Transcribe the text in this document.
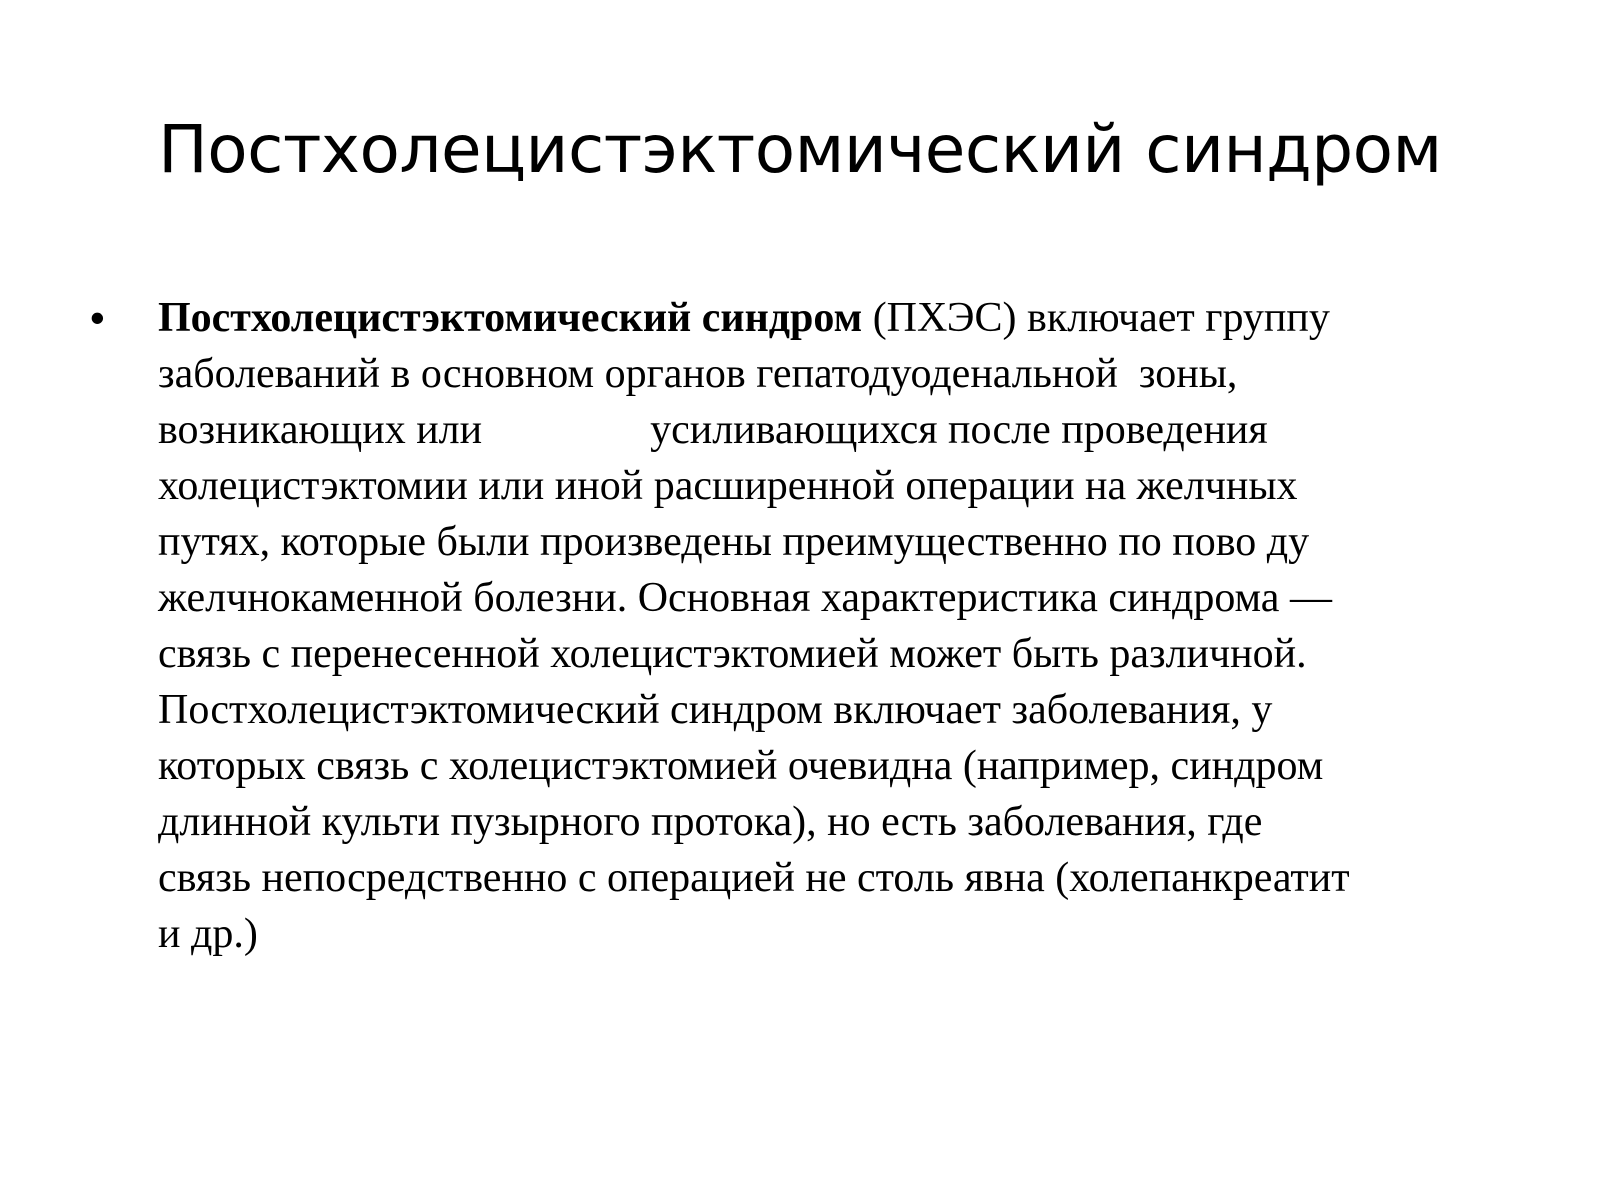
Постхолецистэктомический синдром
• Постхолецистэктомический синдром (ПХЭС) включает группу
заболеваний в основном органов гепатодуоденальной  зоны,
возникающих или                усиливающихся после проведения
холецистэктомии или иной расширенной операции на желчных
путях, которые были произведены преимущественно по пово ду
желчнокаменной болезни. Основная характеристика синдрома —
связь с перенесенной холецистэктомией может быть различной.
Постхолецистэктомический синдром включает заболевания, у
которых связь с холецистэктомией очевидна (например, синдром
длинной культи пузырного протока), но есть заболевания, где
связь непосредственно с операцией не столь явна (холепанкреатит
и др.)
